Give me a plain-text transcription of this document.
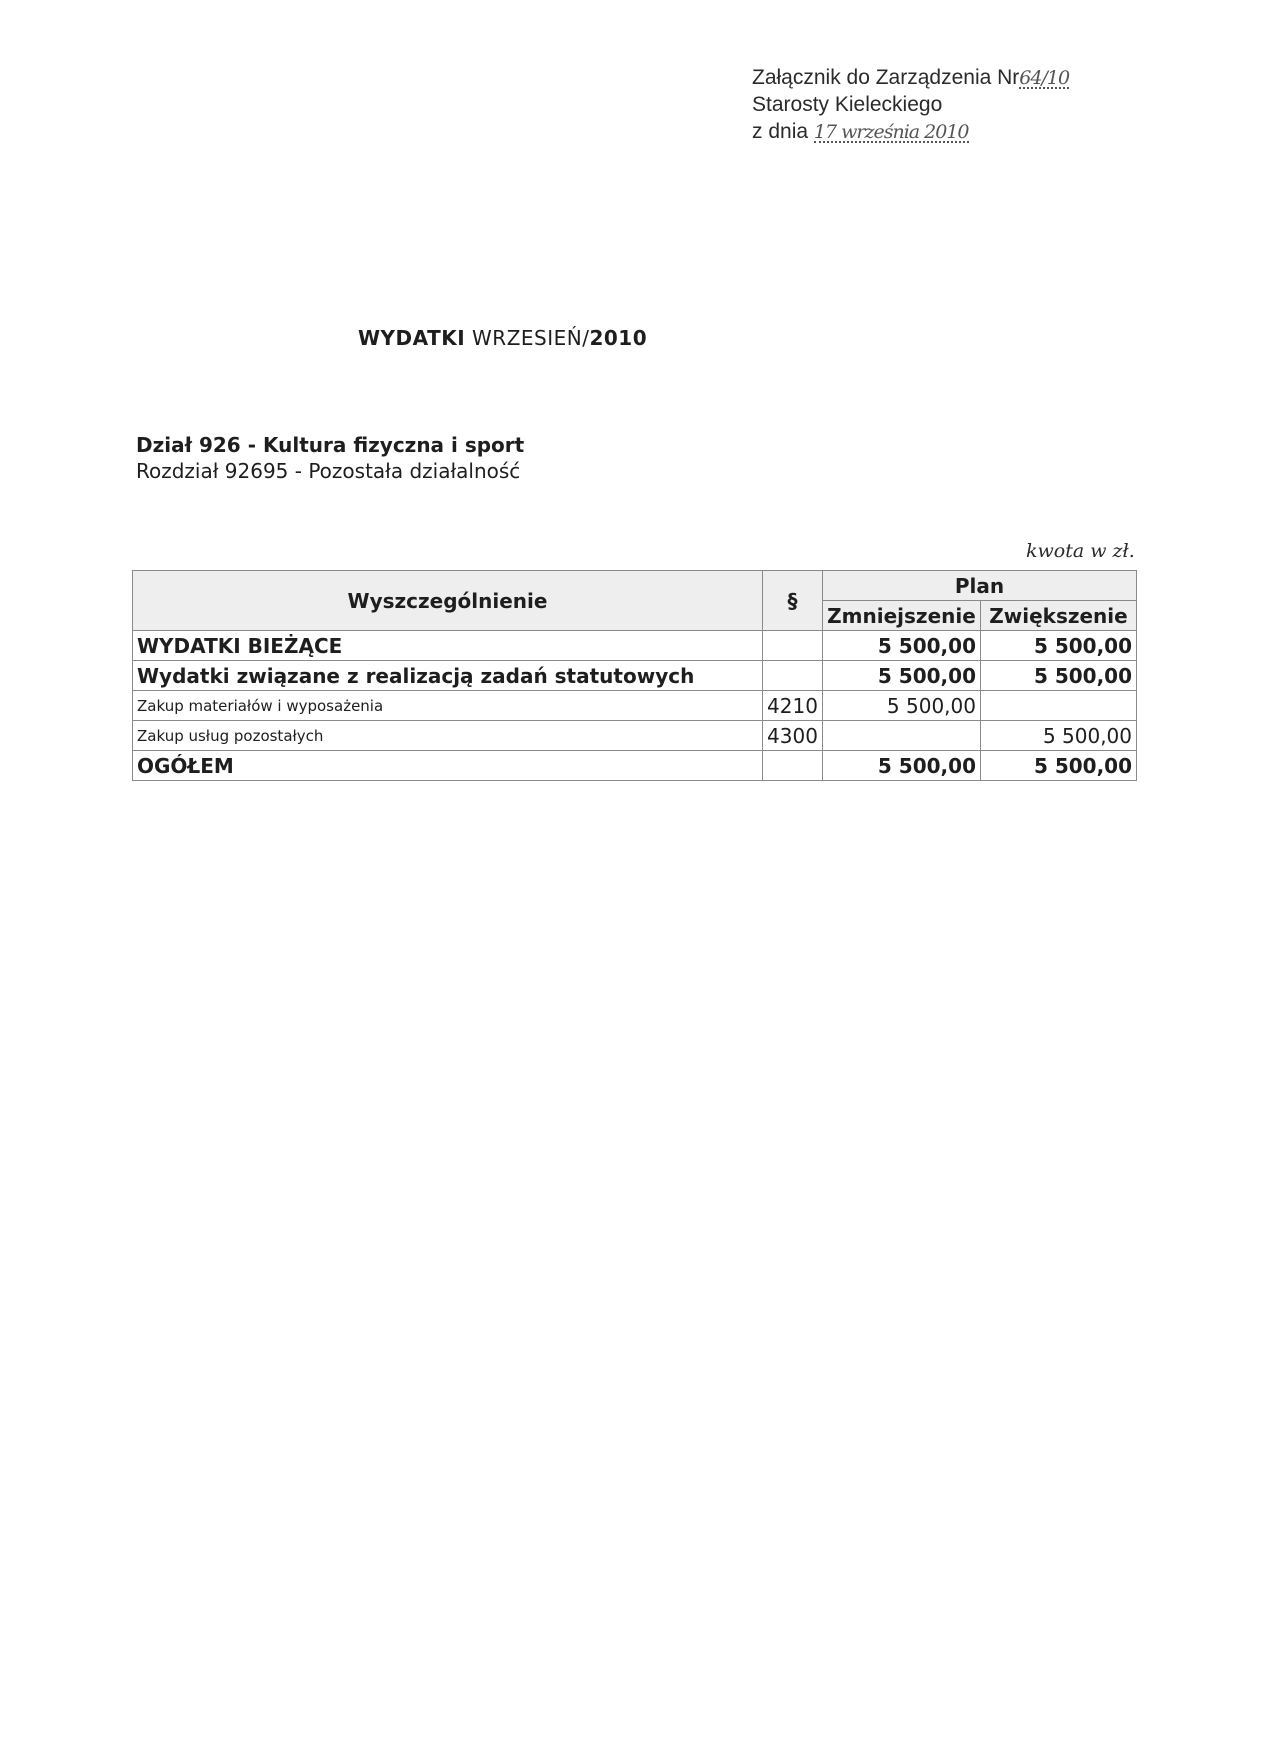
Załącznik do Zarządzenia Nr64/10
Starosty Kieleckiego
z dnia 17 września 2010
WYDATKI WRZESIEŃ/2010
Dział 926 - Kultura fizyczna i sport
Rozdział 92695 - Pozostała działalność
kwota w zł.
Wyszczególnienie	§	Plan	
		Zmniejszenie	Zwiększenie
WYDATKI BIEŻĄCE		5 500,00	5 500,00
Wydatki związane z realizacją zadań statutowych		5 500,00	5 500,00
Zakup materiałów i wyposażenia	4210	5 500,00	
Zakup usług pozostałych	4300		5 500,00
OGÓŁEM		5 500,00	5 500,00
